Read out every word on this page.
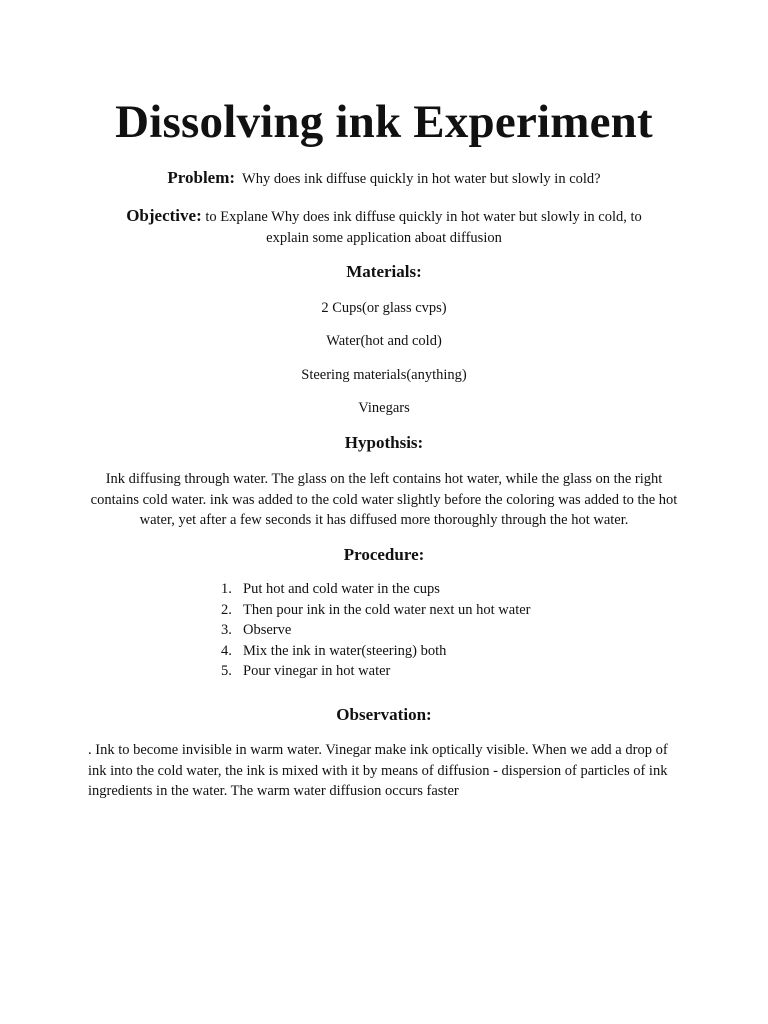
Dissolving ink Experiment
Problem: Why does ink diffuse quickly in hot water but slowly in cold?
Objective: to Explane Why does ink diffuse quickly in hot water but slowly in cold, to
explain some application aboat diffusion
Materials:
2 Cups(or glass cvps)
Water(hot and cold)
Steering materials(anything)
Vinegars
Hypothsis:

Ink diffusing through water. The glass on the left contains hot water, while the glass on the right contains cold water. ink was added to the cold water slightly before the coloring was added to the hot water, yet after a few seconds it has diffused more thoroughly through the hot water.

Procedure:
1. Put hot and cold water in the cups
2. Then pour ink in the cold water next un hot water
3. Observe
4. Mix the ink in water(steering) both
5. Pour vinegar in hot water
Observation:

. Ink to become invisible in warm water. Vinegar make ink optically visible. When we add a drop of ink into the cold water, the ink is mixed with it by means of diffusion - dispersion of particles of ink ingredients in the water. The warm water diffusion occurs faster
